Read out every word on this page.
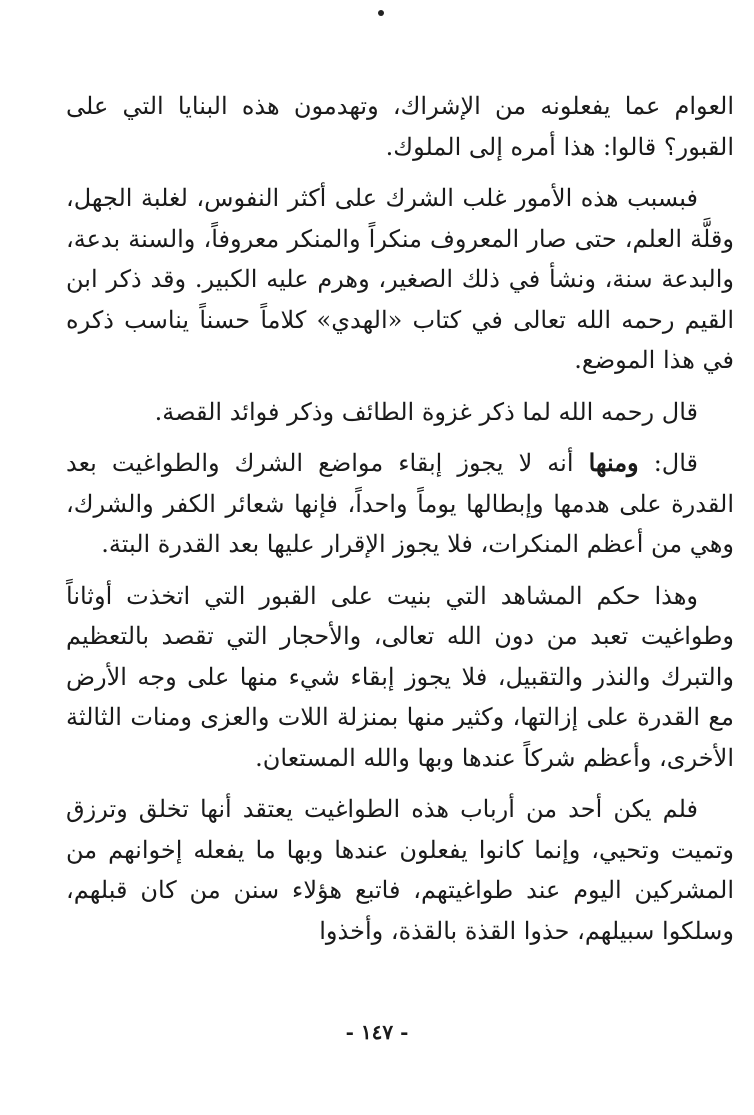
العوام عما يفعلونه من الإشراك، وتهدمون هذه البنايا التي على القبور؟ قالوا: هذا أمره إلى الملوك.

فبسبب هذه الأمور غلب الشرك على أكثر النفوس، لغلبة الجهل، وقلَّة العلم، حتى صار المعروف منكراً والمنكر معروفاً، والسنة بدعة، والبدعة سنة، ونشأ في ذلك الصغير، وهرم عليه الكبير. وقد ذكر ابن القيم رحمه الله تعالى في كتاب «الهدي» كلاماً حسناً يناسب ذكره في هذا الموضع.

قال رحمه الله لما ذكر غزوة الطائف وذكر فوائد القصة.

قال: ومنها أنه لا يجوز إبقاء مواضع الشرك والطواغيت بعد القدرة على هدمها وإبطالها يوماً واحداً، فإنها شعائر الكفر والشرك، وهي من أعظم المنكرات، فلا يجوز الإقرار عليها بعد القدرة البتة.

وهذا حكم المشاهد التي بنيت على القبور التي اتخذت أوثاناً وطواغيت تعبد من دون الله تعالى، والأحجار التي تقصد بالتعظيم والتبرك والنذر والتقبيل، فلا يجوز إبقاء شيء منها على وجه الأرض مع القدرة على إزالتها، وكثير منها بمنزلة اللات والعزى ومنات الثالثة الأخرى، وأعظم شركاً عندها وبها والله المستعان.

فلم يكن أحد من أرباب هذه الطواغيت يعتقد أنها تخلق وترزق وتميت وتحيي، وإنما كانوا يفعلون عندها وبها ما يفعله إخوانهم من المشركين اليوم عند طواغيتهم، فاتبع هؤلاء سنن من كان قبلهم، وسلكوا سبيلهم، حذوا القذة بالقذة، وأخذوا

- ١٤٧ -
